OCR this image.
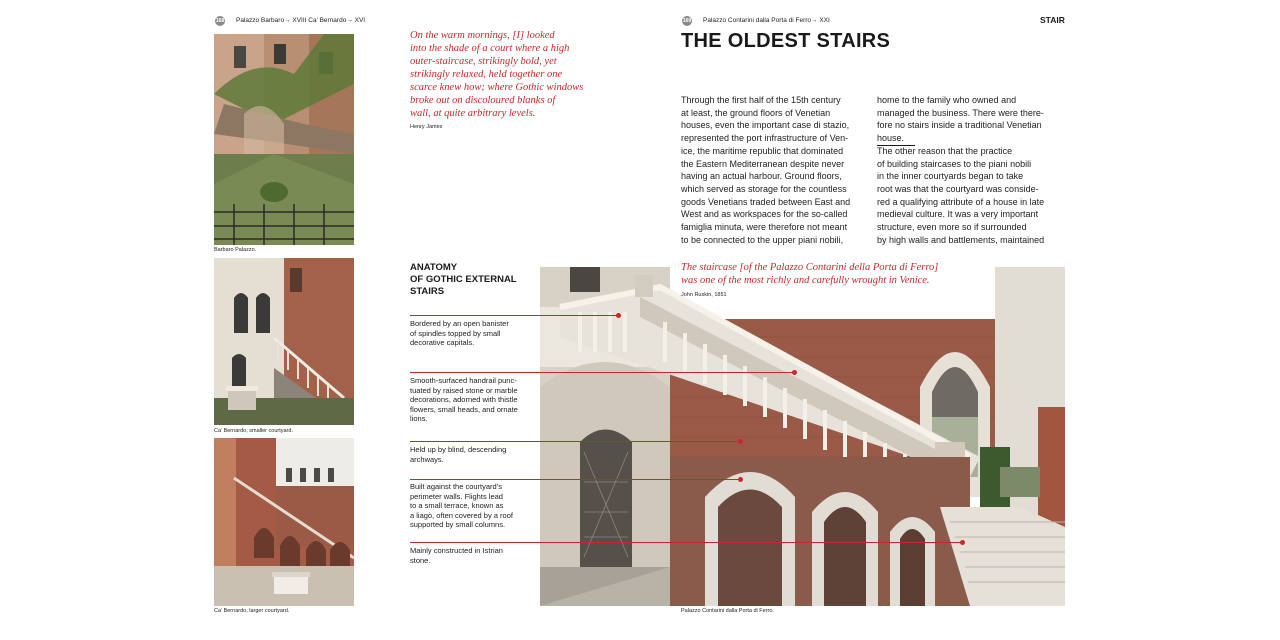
168 Palazzo Barbaro→ XVIII Ca’ Bernardo→ XVI
Barbaro Palazzo.
Ca’ Bernardo, smaller courtyard.
Ca’ Bernardo, larger courtyard.
On the warm mornings, [I] looked
into the shade of a court where a high
outer-staircase, strikingly bold, yet
strikingly relaxed, held together one
scarce knew how; where Gothic windows
broke out on discoloured blanks of
wall, at quite arbitrary levels.
Henry James
ANATOMY
OF GOTHIC EXTERNAL
STAIRS
Bordered by an open banister
of spindles topped by small
decorative capitals.
Smooth-surfaced handrail punc-
tuated by raised stone or marble
decorations, adorned with thistle
flowers, small heads, and ornate
lions.
Held up by blind, descending
archways.
Built against the courtyard’s
perimeter walls. Flights lead
to a small terrace, known as
a liagò, often covered by a roof
supported by small columns.
Mainly constructed in Istrian
stone.
169 Palazzo Contarini dalla Porta di Ferro→ XXI	STAIR
THE OLDEST STAIRS
Through the first half of the 15th century
at least, the ground floors of Venetian
houses, even the important case di stazio,
represented the port infrastructure of Ven-
ice, the maritime republic that dominated
the Eastern Mediterranean despite never
having an actual harbour. Ground floors,
which served as storage for the countless
goods Venetians traded between East and
West and as workspaces for the so-called
famiglia minuta, were therefore not meant
to be connected to the upper piani nobili,
home to the family who owned and
managed the business. There were there-
fore no stairs inside a traditional Venetian
house.
The other reason that the practice
of building staircases to the piani nobili
in the inner courtyards began to take
root was that the courtyard was conside-
red a qualifying attribute of a house in late
medieval culture. It was a very important
structure, even more so if surrounded
by high walls and battlements, maintained
The staircase [of the Palazzo Contarini della Porta di Ferro]
was one of the most richly and carefully wrought in Venice.
John Ruskin, 1851
Palazzo Contarini dalla Porta di Ferro.
